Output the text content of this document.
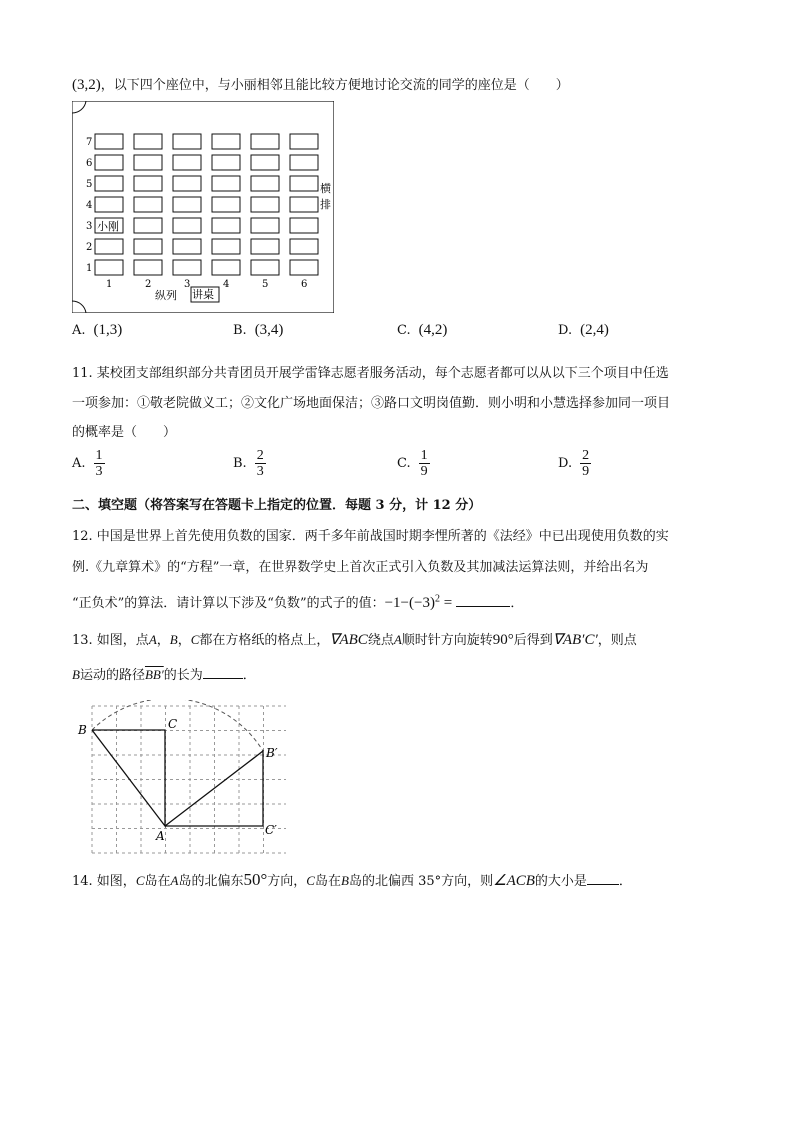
(3,2)，以下四个座位中，与小丽相邻且能比较方便地讨论交流的同学的座位是（　　）
7
6
5
4
3 小刚
2
1
1	2	3	4	5	6
横
排
纵列 讲桌
A. (1,3)	B. (3,4)	C. (4,2)	D. (2,4)
11. 某校团支部组织部分共青团员开展学雷锋志愿者服务活动，每个志愿者都可以从以下三个项目中任选
一项参加：①敬老院做义工；②文化广场地面保洁；③路口文明岗值勤．则小明和小慧选择参加同一项目
的概率是（　　）
A. $\frac{1}{3}$	B. $\frac{2}{3}$	C. $\frac{1}{9}$	D. $\frac{2}{9}$
二、填空题（将答案写在答题卡上指定的位置．每题 3 分，计 12 分）
12. 中国是世界上首先使用负数的国家．两千多年前战国时期李悝所著的《法经》中已出现使用负数的实
例.《九章算术》的“方程”一章，在世界数学史上首次正式引入负数及其加减法运算法则，并给出名为
“正负术”的算法．请计算以下涉及“负数”的式子的值：$-1-(-3)^2$ =	．
13. 如图，点A，B，C都在方格纸的格点上，∇ABC绕点A顺时针方向旋转90°后得到∇AB′C′，则点
B运动的路径BB′的长为	．
B	C
B′
A	C′
14. 如图，C岛在A岛的北偏东50°方向，C岛在B岛的北偏西 35°方向，则∠ACB的大小是 ．
